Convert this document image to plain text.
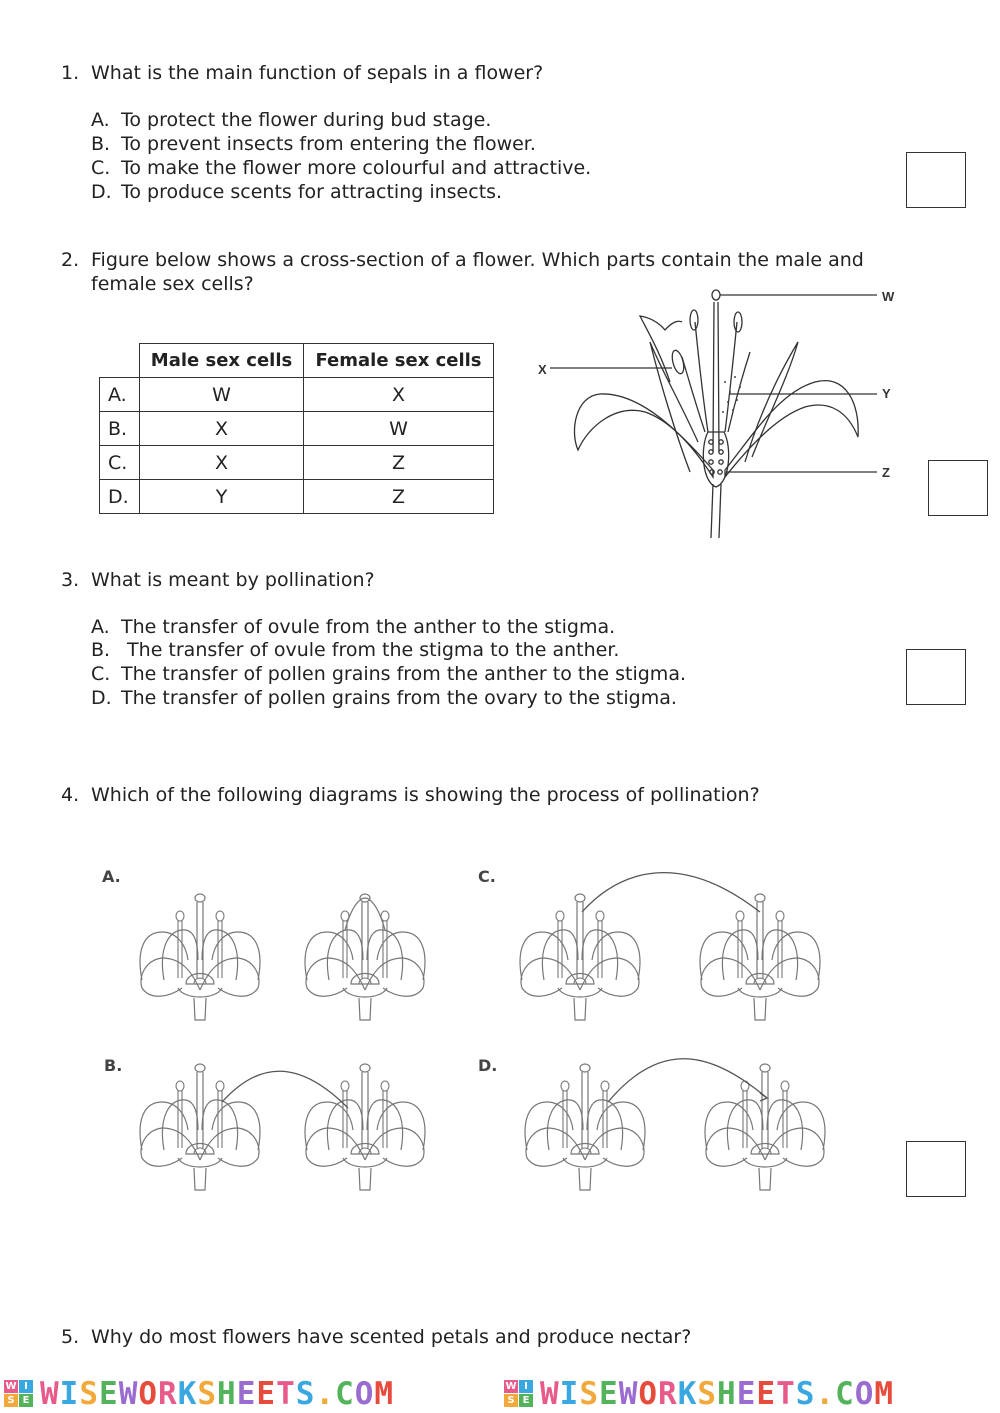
1. What is the main function of sepals in a flower?
A. To protect the flower during bud stage.
B. To prevent insects from entering the flower.
C. To make the flower more colourful and attractive.
D. To produce scents for attracting insects.
2. Figure below shows a cross-section of a flower. Which parts contain the male and
female sex cells?
	Male sex cells	Female sex cells
A.	W	X
B.	X	W
C.	X	Z
D.	Y	Z
W
X
Y
Z
3. What is meant by pollination?
A. The transfer of ovule from the anther to the stigma.
B. The transfer of ovule from the stigma to the anther.
C. The transfer of pollen grains from the anther to the stigma.
D. The transfer of pollen grains from the ovary to the stigma.
4. Which of the following diagrams is showing the process of pollination?
A.
B.
C.
D.
5. Why do most flowers have scented petals and produce nectar?
W I
S E WISEWORKSHEETS.COM	W I
S E WISEWORKSHEETS.COM
